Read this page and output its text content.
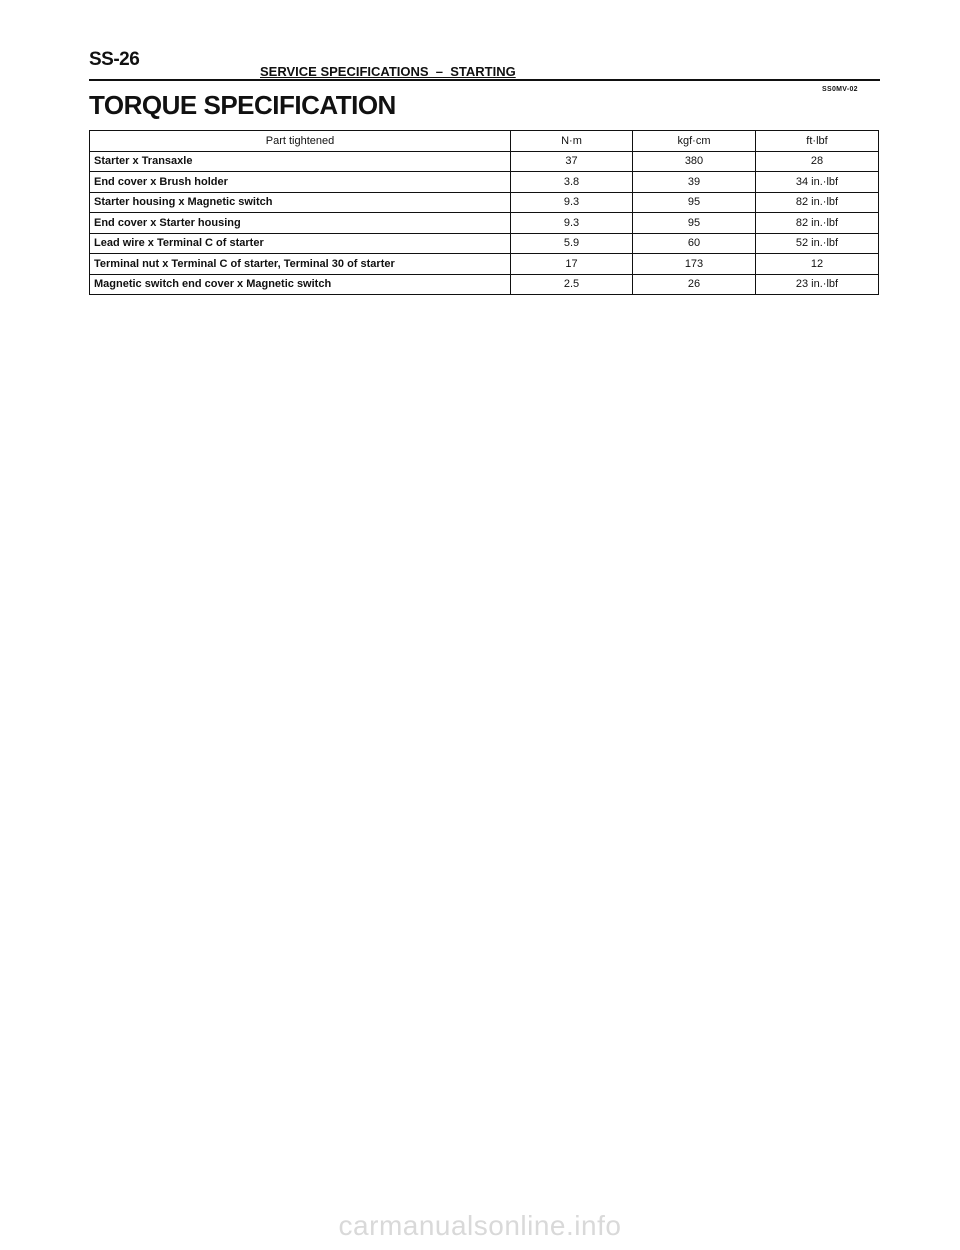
SS-26
SERVICE SPECIFICATIONS  –  STARTING
SS0MV-02
TORQUE SPECIFICATION
Part tightened	N·m	kgf·cm	ft·lbf
Starter x Transaxle	37	380	28
End cover x Brush holder	3.8	39	34 in.·lbf
Starter housing x Magnetic switch	9.3	95	82 in.·lbf
End cover x Starter housing	9.3	95	82 in.·lbf
Lead wire x Terminal C of starter	5.9	60	52 in.·lbf
Terminal nut x Terminal C of starter, Terminal 30 of starter	17	173	12
Magnetic switch end cover x Magnetic switch	2.5	26	23 in.·lbf
carmanualsonline.info
